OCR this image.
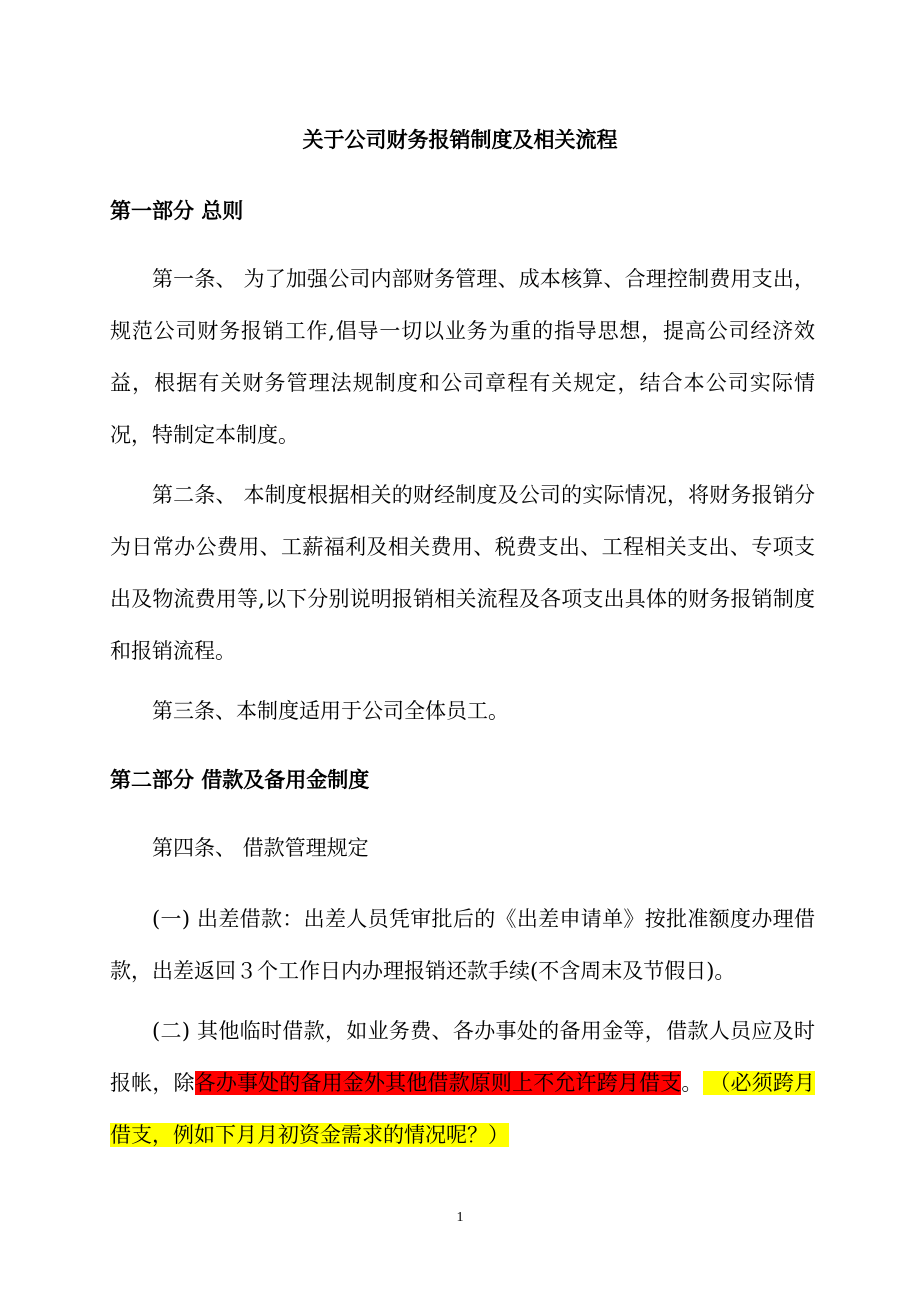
关于公司财务报销制度及相关流程
第一部分 总则

第一条、 为了加强公司内部财务管理、成本核算、合理控制费用支出，规范公司财务报销工作,倡导一切以业务为重的指导思想，提高公司经济效益，根据有关财务管理法规制度和公司章程有关规定，结合本公司实际情况，特制定本制度。

第二条、 本制度根据相关的财经制度及公司的实际情况，将财务报销分为日常办公费用、工薪福利及相关费用、税费支出、工程相关支出、专项支出及物流费用等,以下分别说明报销相关流程及各项支出具体的财务报销制度和报销流程。

第三条、本制度适用于公司全体员工。

第二部分 借款及备用金制度

第四条、 借款管理规定

(一) 出差借款：出差人员凭审批后的《出差申请单》按批准额度办理借款，出差返回３个工作日内办理报销还款手续(不含周末及节假日)。

(二) 其他临时借款，如业务费、各办事处的备用金等，借款人员应及时报帐，除各办事处的备用金外其他借款原则上不允许跨月借支。 （必须跨月借支，例如下月月初资金需求的情况呢？）

1
